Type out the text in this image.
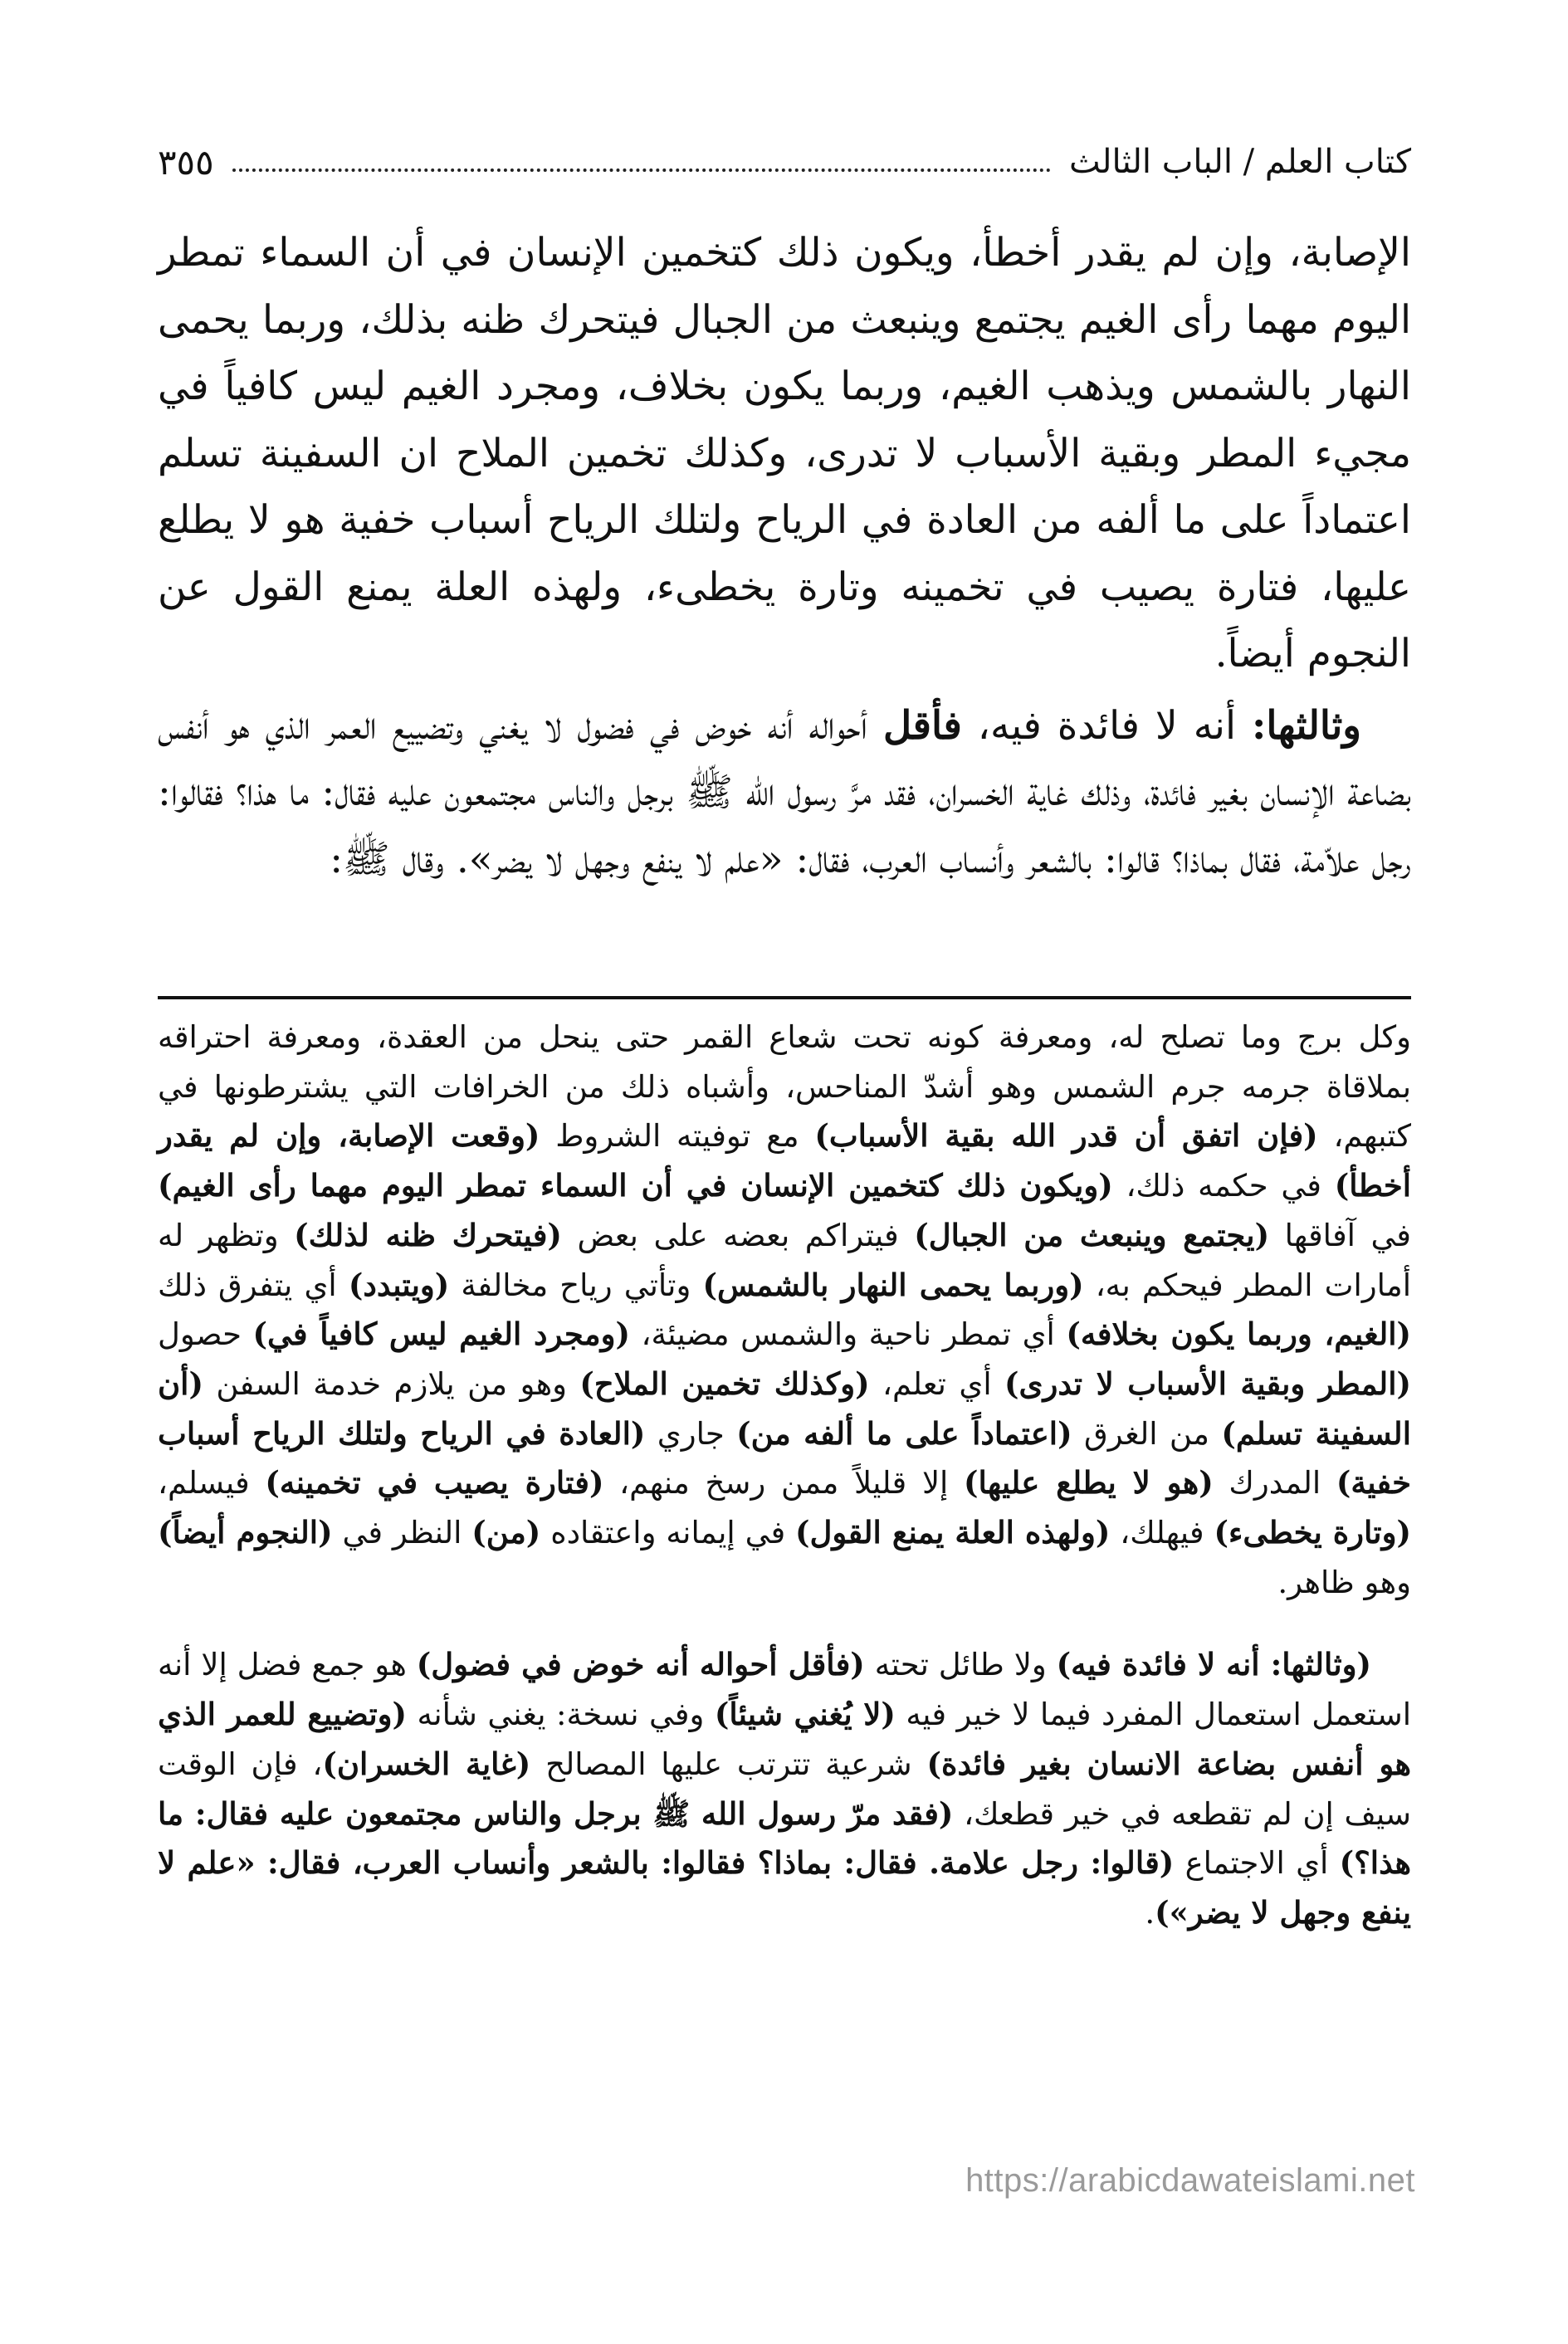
كتاب العلم / الباب الثالث
٣٥٥

الإصابة، وإن لم يقدر أخطأ، ويكون ذلك كتخمين الإنسان في أن السماء تمطر اليوم مهما رأى الغيم يجتمع وينبعث من الجبال فيتحرك ظنه بذلك، وربما يحمى النهار بالشمس ويذهب الغيم، وربما يكون بخلاف، ومجرد الغيم ليس كافياً في مجيء المطر وبقية الأسباب لا تدرى، وكذلك تخمين الملاح ان السفينة تسلم اعتماداً على ما ألفه من العادة في الرياح ولتلك الرياح أسباب خفية هو لا يطلع عليها، فتارة يصيب في تخمينه وتارة يخطىء، ولهذه العلة يمنع القول عن النجوم أيضاً.

وثالثها: أنه لا فائدة فيه، فأقل أحواله أنه خوض في فضول لا يغني وتضييع العمر الذي هو أنفس بضاعة الإنسان بغير فائدة، وذلك غاية الخسران، فقد مرَّ رسول الله ﷺ برجل والناس مجتمعون عليه فقال: ما هذا؟ فقالوا: رجل علاّمة، فقال بماذا؟ قالوا: بالشعر وأنساب العرب، فقال: «علم لا ينفع وجهل لا يضر». وقال ﷺ:

وكل برج وما تصلح له، ومعرفة كونه تحت شعاع القمر حتى ينحل من العقدة، ومعرفة احتراقه بملاقاة جرمه جرم الشمس وهو أشدّ المناحس، وأشباه ذلك من الخرافات التي يشترطونها في كتبهم، (فإن اتفق أن قدر الله بقية الأسباب) مع توفيته الشروط (وقعت الإصابة، وإن لم يقدر أخطأ) في حكمه ذلك، (ويكون ذلك كتخمين الإنسان في أن السماء تمطر اليوم مهما رأى الغيم) في آفاقها (يجتمع وينبعث من الجبال) فيتراكم بعضه على بعض (فيتحرك ظنه لذلك) وتظهر له أمارات المطر فيحكم به، (وربما يحمى النهار بالشمس) وتأتي رياح مخالفة (ويتبدد) أي يتفرق ذلك (الغيم، وربما يكون بخلافه) أي تمطر ناحية والشمس مضيئة، (ومجرد الغيم ليس كافياً في) حصول (المطر وبقية الأسباب لا تدرى) أي تعلم، (وكذلك تخمين الملاح) وهو من يلازم خدمة السفن (أن السفينة تسلم) من الغرق (اعتماداً على ما ألفه من) جاري (العادة في الرياح ولتلك الرياح أسباب خفية) المدرك (هو لا يطلع عليها) إلا قليلاً ممن رسخ منهم، (فتارة يصيب في تخمينه) فيسلم، (وتارة يخطىء) فيهلك، (ولهذه العلة يمنع القول) في إيمانه واعتقاده (من) النظر في (النجوم أيضاً) وهو ظاهر.

(وثالثها: أنه لا فائدة فيه) ولا طائل تحته (فأقل أحواله أنه خوض في فضول) هو جمع فضل إلا أنه استعمل استعمال المفرد فيما لا خير فيه (لا يُغني شيئاً) وفي نسخة: يغني شأنه (وتضييع للعمر الذي هو أنفس بضاعة الانسان بغير فائدة) شرعية تترتب عليها المصالح (غاية الخسران)، فإن الوقت سيف إن لم تقطعه في خير قطعك، (فقد مرّ رسول الله ﷺ برجل والناس مجتمعون عليه فقال: ما هذا؟) أي الاجتماع (قالوا: رجل علامة. فقال: بماذا؟ فقالوا: بالشعر وأنساب العرب، فقال: «علم لا ينفع وجهل لا يضر»).

https://arabicdawateislami.net
